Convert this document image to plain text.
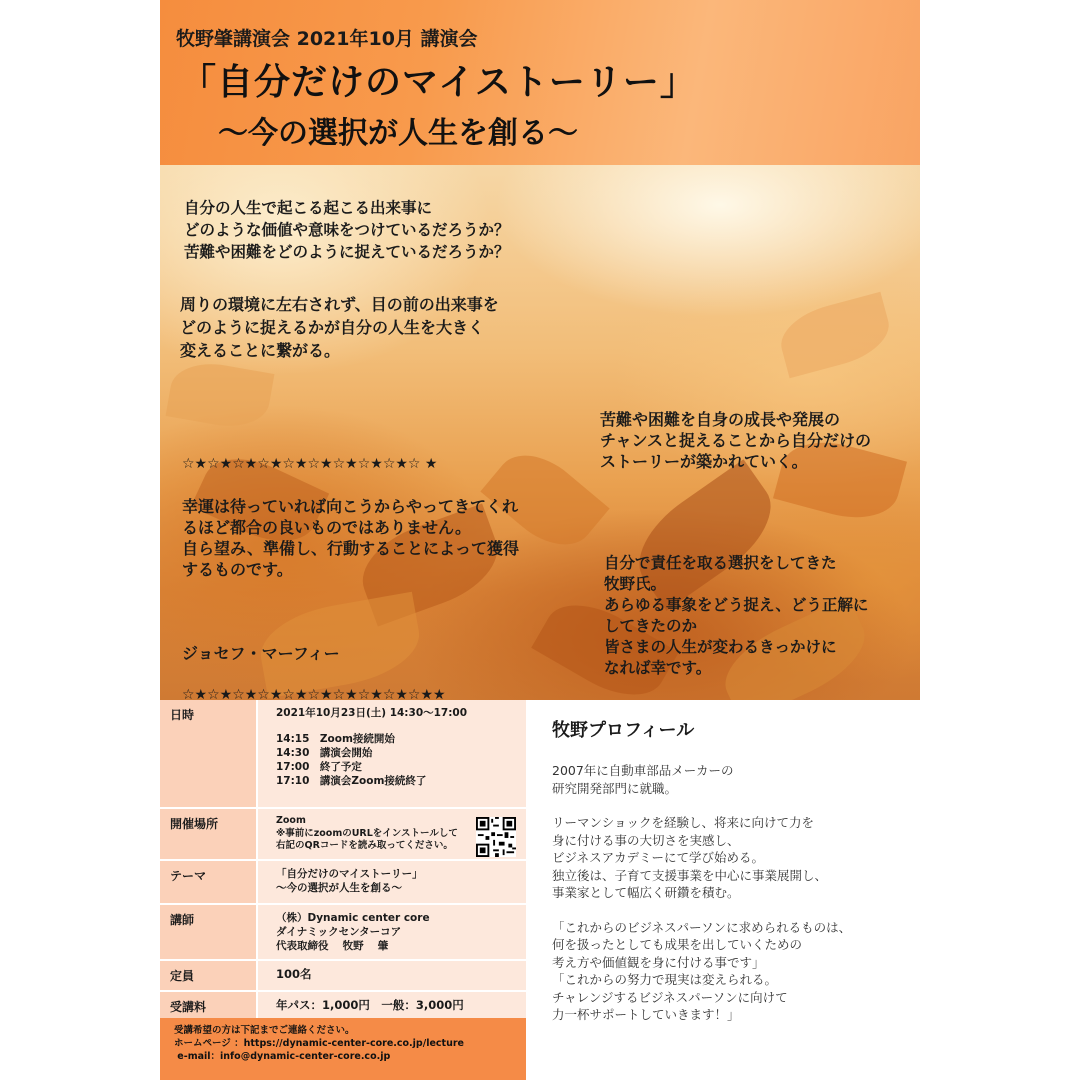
牧野肇講演会 2021年10月 講演会
「自分だけのマイストーリー」
～今の選択が人生を創る～
自分の人生で起こる起こる出来事に
どのような価値や意味をつけているだろうか？
苦難や困難をどのように捉えているだろうか？
周りの環境に左右されず、目の前の出来事を
どのように捉えるかが自分の人生を大きく
変えることに繋がる。
苦難や困難を自身の成長や発展の
チャンスと捉えることから自分だけの
ストーリーが築かれていく。

☆★☆★☆★☆★☆★☆★☆★☆★☆★☆ ★

幸運は待っていれば向こうからやってきてくれ
るほど都合の良いものではありません。
自ら望み、準備し、行動することによって獲得
するものです。

ジョセフ・マーフィー

☆★☆★☆★☆★☆★☆★☆★☆★☆★☆★★

自分で責任を取る選択をしてきた
牧野氏。
あらゆる事象をどう捉え、どう正解に
してきたのか
皆さまの人生が変わるきっかけに
なれば幸です。
日時	2021年10月23日(土) 14:30～17:00
14:15　Zoom接続開始
14:30　講演会開始
17:00　終了予定
17:10　講演会Zoom接続終了

開催場所	Zoom
※事前にzoomのURLをインストールして
右記のQRコードを読み取ってください。

テーマ	「自分だけのマイストーリー」
～今の選択が人生を創る～

講師	（株）Dynamic center core
ダイナミックセンターコア
代表取締役　 牧野　 肇

定員	100名
受講料	年パス：1,000円　一般：3,000円
受講希望の方は下記までご連絡ください。
ホームページ ：https://dynamic-center-core.co.jp/lecture
e-mail：info@dynamic-center-core.co.jp
牧野プロフィール

2007年に自動車部品メーカーの
研究開発部門に就職。

リーマンショックを経験し、将来に向けて力を
身に付ける事の大切さを実感し、
ビジネスアカデミーにて学び始める。
独立後は、子育て支援事業を中心に事業展開し、
事業家として幅広く研鑽を積む。

「これからのビジネスパーソンに求められるものは、
何を扱ったとしても成果を出していくための
考え方や価値観を身に付ける事です」
「これからの努力で現実は変えられる。
チャレンジするビジネスパーソンに向けて
力一杯サポートしていきます！」
